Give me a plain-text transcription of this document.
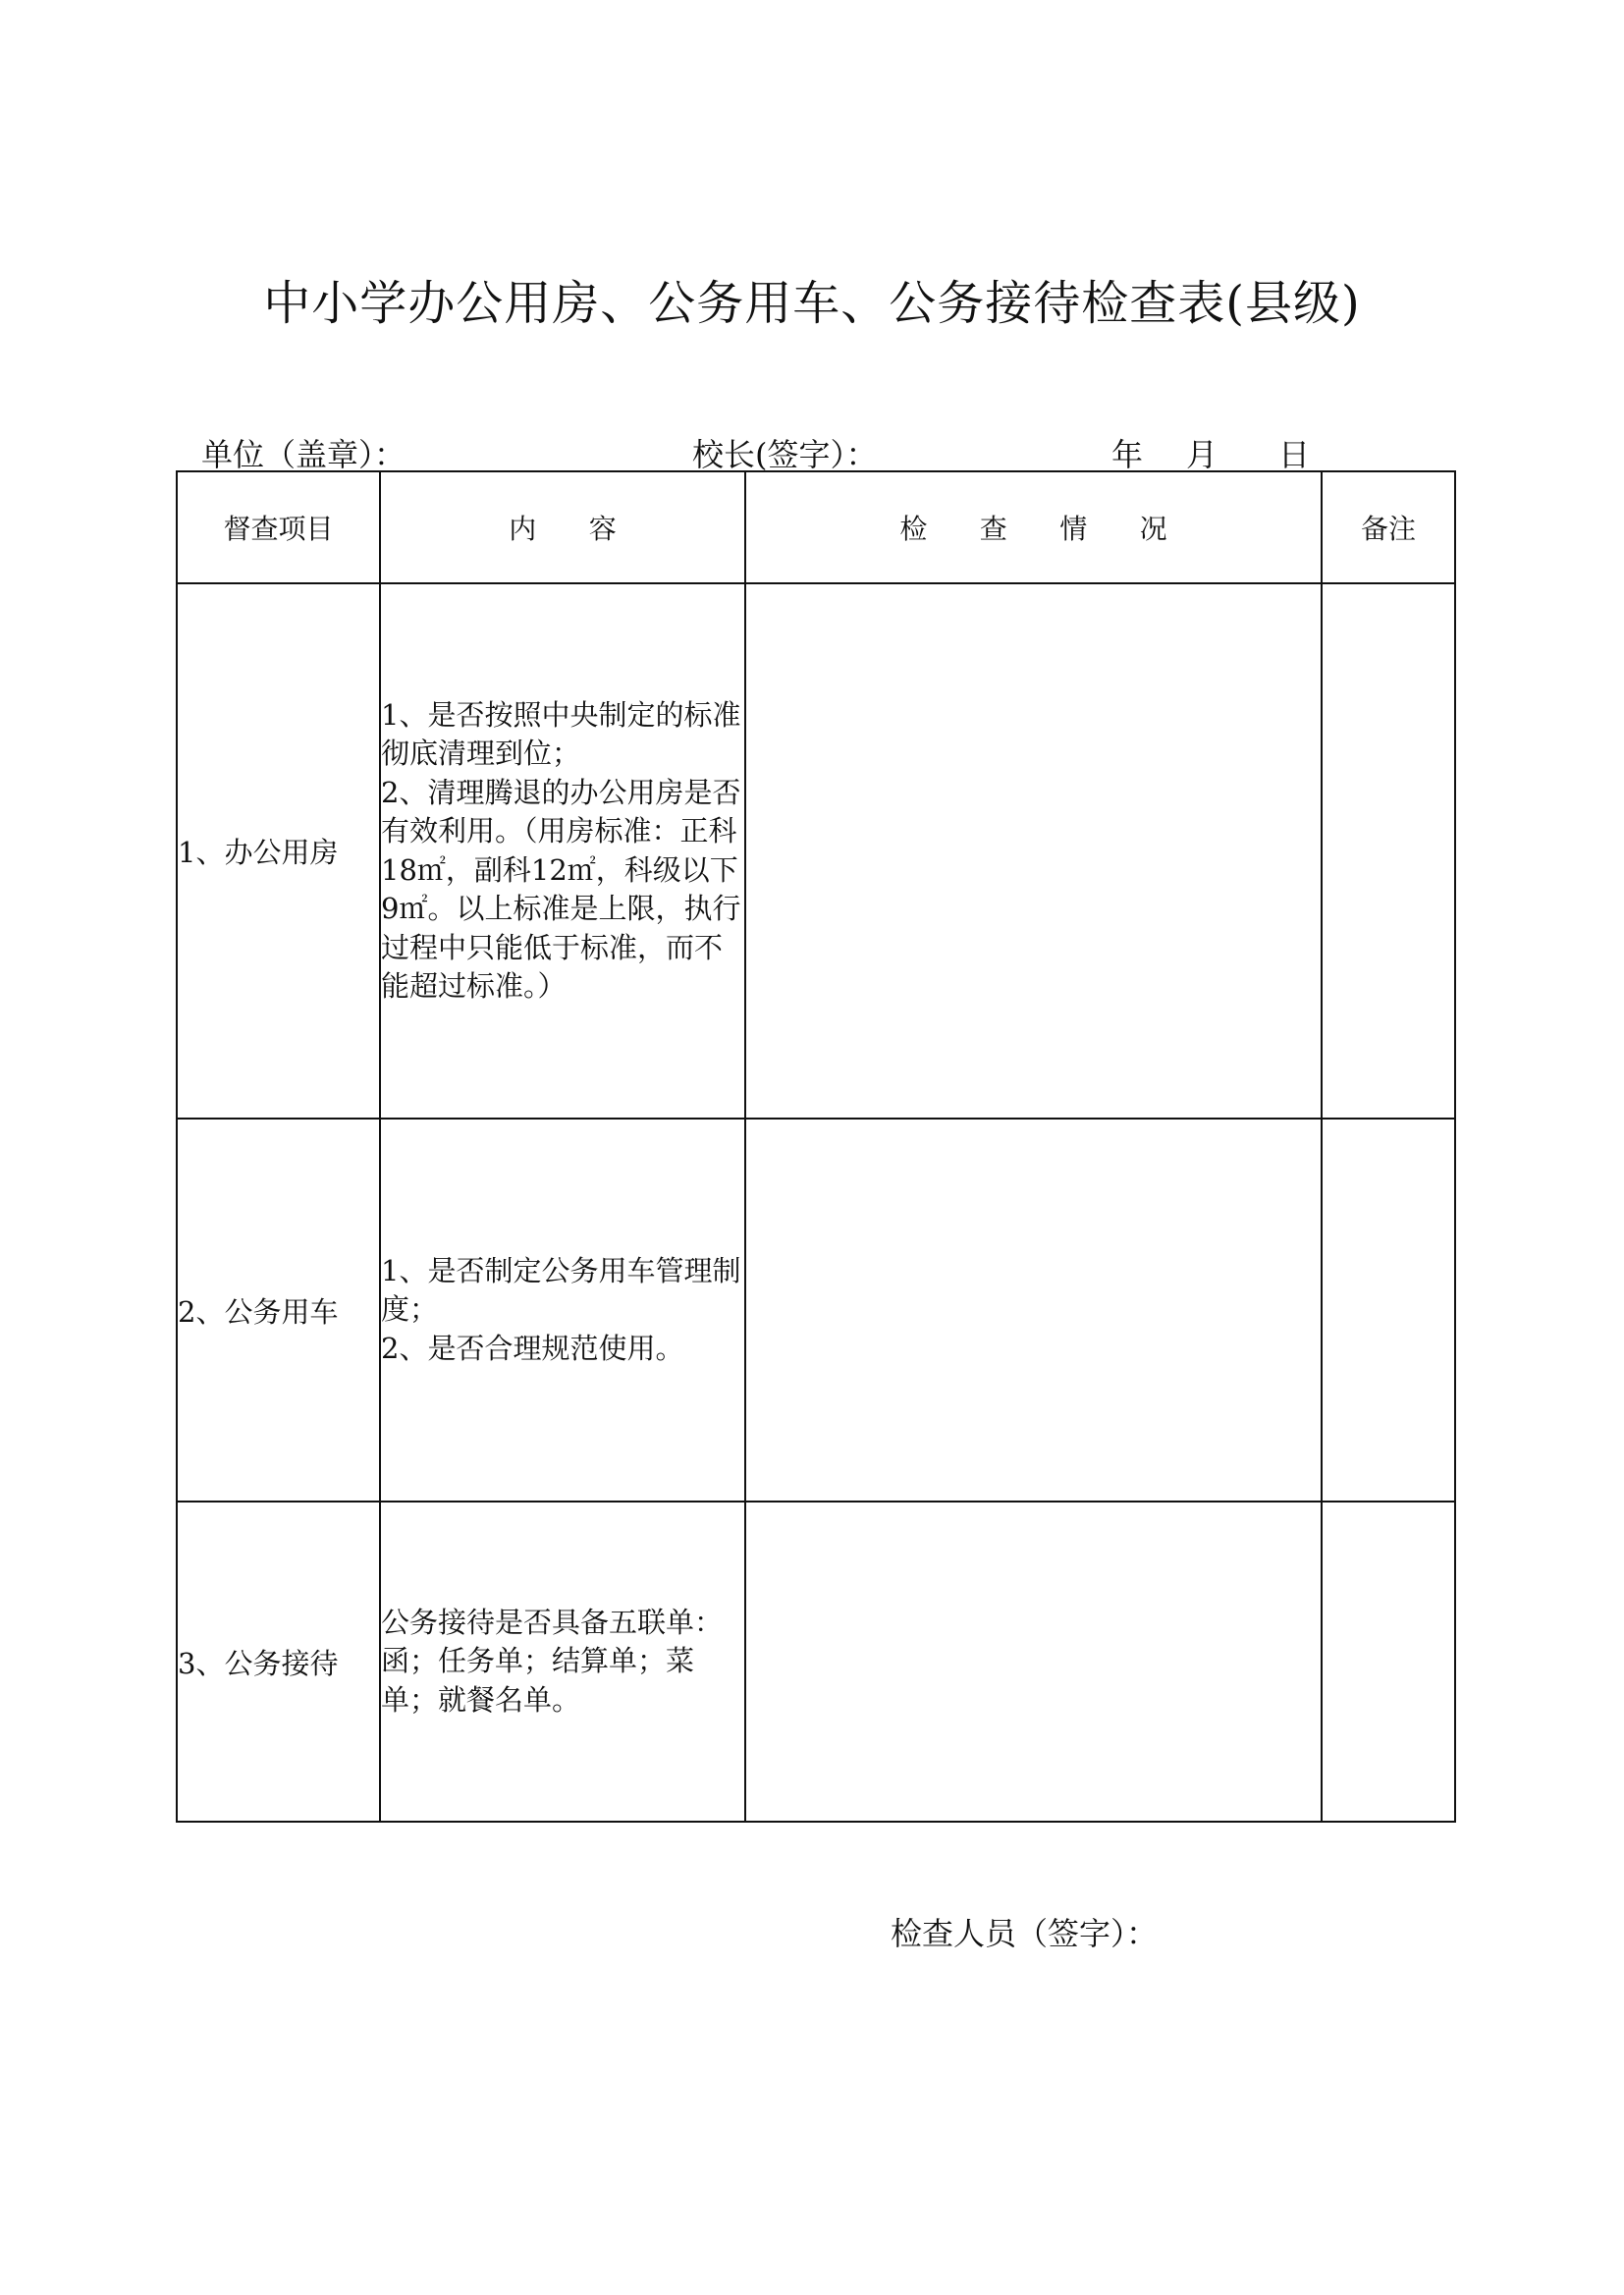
中小学办公用房、公务用车、公务接待检查表(县级)
单位（盖章）：	校长(签字）：	年 月 日
督查项目	内      容	检      查      情      况	备注
1、办公用房	1、是否按照中央制定的标准彻底清理到位；
2、清理腾退的办公用房是否有效利用。（用房标准：正科18㎡，副科12㎡，科级以下9㎡。以上标准是上限，执行过程中只能低于标准，而不能超过标准。）		

2、公务用车	1、是否制定公务用车管理制度；
2、是否合理规范使用。		

3、公务接待	公务接待是否具备五联单：函；任务单；结算单；菜单；就餐名单。		

检查人员（签字）：
